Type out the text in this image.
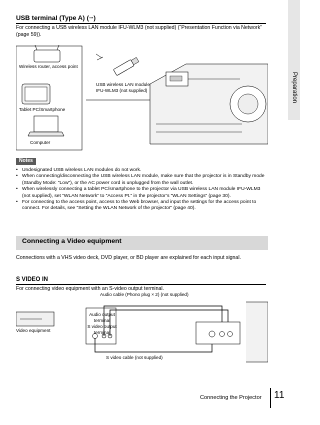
Preparation
USB terminal (Type A) (⭬)
For connecting a USB wireless LAN module IFU-WLM3 (not supplied) (“Presentation Function via Network” (page 59)).
Wireless router, access point
Tablet PC/Smartphone
Computer
USB wireless LAN module IFU-WLM3 (not supplied)
Notes
• Undesignated USB wireless LAN modules do not work.
• When connecting/disconnecting the USB wireless LAN module, make sure that the projector is in Standby mode (Standby Mode: “Low”), or the AC power cord is unplugged from the wall outlet.
• When wirelessly connecting a tablet PC/smartphone to the projector via USB wireless LAN module IFU-WLM3 (not supplied), set “WLAN Network” to “Access Pt.” in the projector’s “WLAN Settings” (page 30).
• For connecting to the access point, access to the Web browser, and input the settings for the access point to connect. For details, see “Setting the WLAN Network of the projector” (page 40).
Connecting a Video equipment
Connections with a VHS video deck, DVD player, or BD player are explained for each input signal.
S VIDEO IN
For connecting video equipment with an S-video output terminal.
Audio cable (Phono plug × 2) (not supplied)
Audio output terminal
S video output terminal
Video equipment
S video cable (not supplied)
Connecting the Projector 11
